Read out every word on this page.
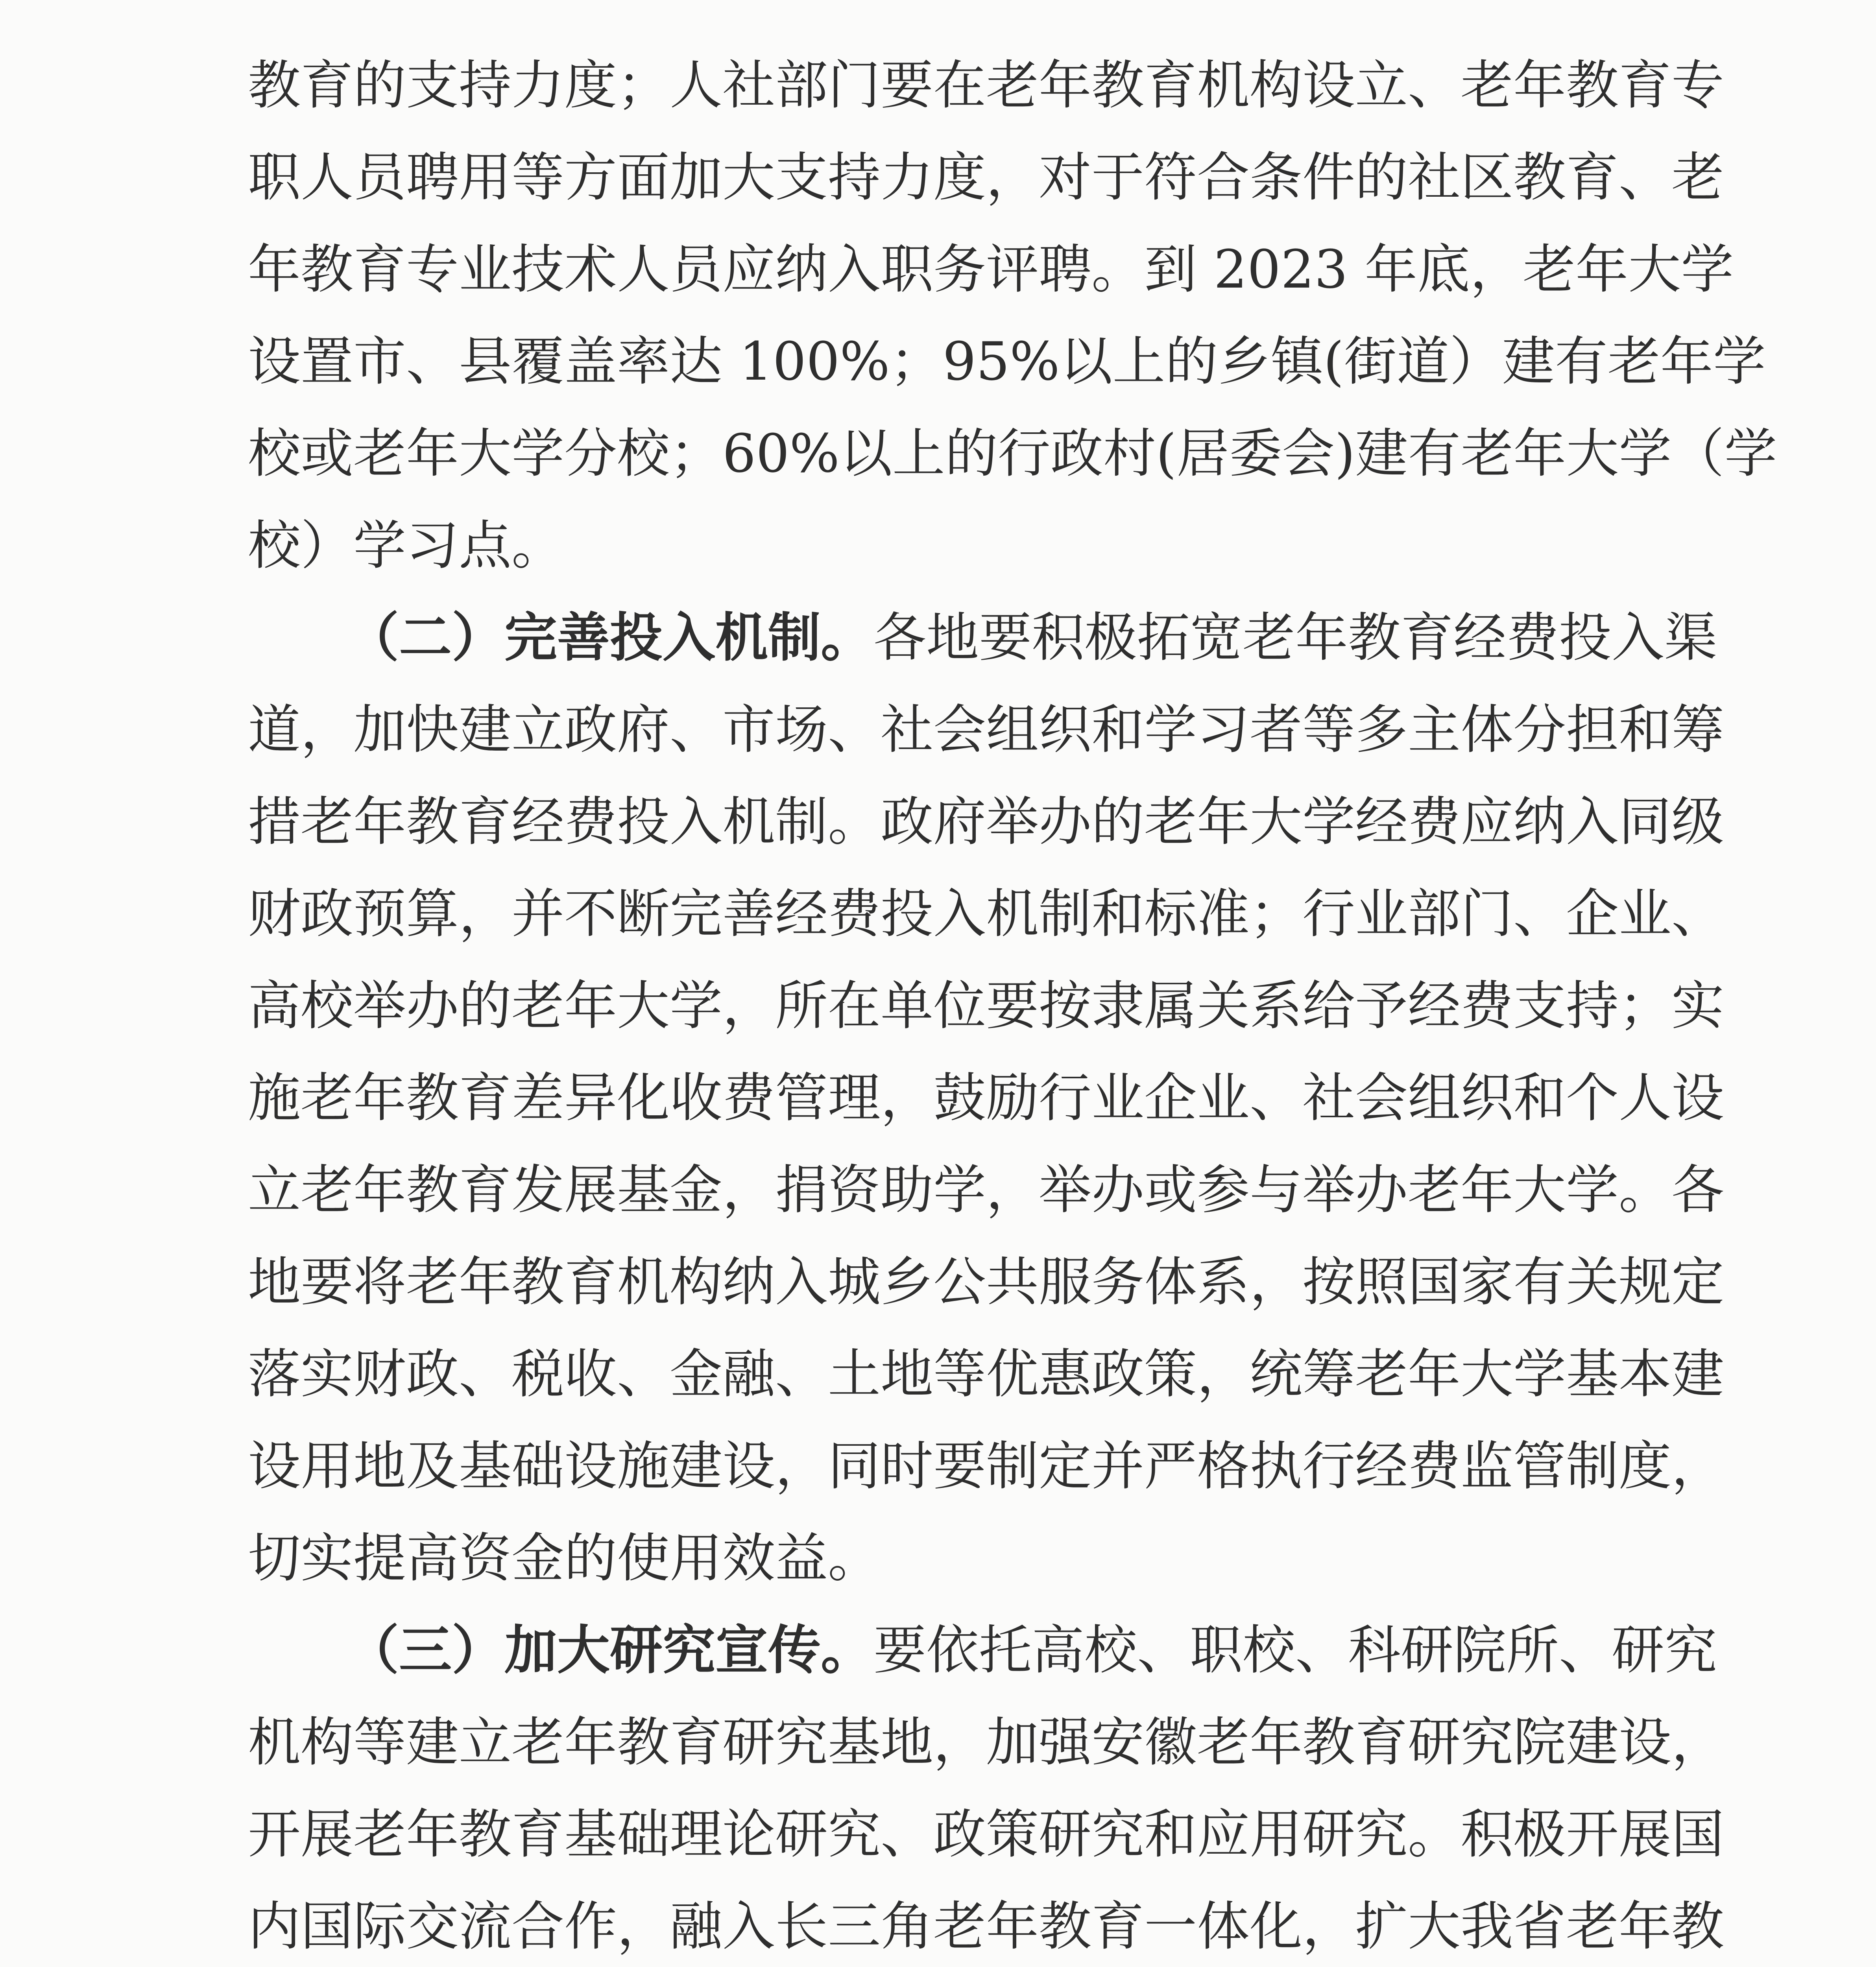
教育的支持力度；人社部门要在老年教育机构设立、老年教育专
职人员聘用等方面加大支持力度，对于符合条件的社区教育、老
年教育专业技术人员应纳入职务评聘。到 2023 年底，老年大学
设置市、县覆盖率达 100%；95%以上的乡镇(街道）建有老年学
校或老年大学分校；60%以上的行政村(居委会)建有老年大学（学
校）学习点。
（二）完善投入机制。各地要积极拓宽老年教育经费投入渠
道，加快建立政府、市场、社会组织和学习者等多主体分担和筹
措老年教育经费投入机制。政府举办的老年大学经费应纳入同级
财政预算，并不断完善经费投入机制和标准；行业部门、企业、
高校举办的老年大学，所在单位要按隶属关系给予经费支持；实
施老年教育差异化收费管理，鼓励行业企业、社会组织和个人设
立老年教育发展基金，捐资助学，举办或参与举办老年大学。各
地要将老年教育机构纳入城乡公共服务体系，按照国家有关规定
落实财政、税收、金融、土地等优惠政策，统筹老年大学基本建
设用地及基础设施建设，同时要制定并严格执行经费监管制度，
切实提高资金的使用效益。
（三）加大研究宣传。要依托高校、职校、科研院所、研究
机构等建立老年教育研究基地，加强安徽老年教育研究院建设，
开展老年教育基础理论研究、政策研究和应用研究。积极开展国
内国际交流合作，融入长三角老年教育一体化，扩大我省老年教
